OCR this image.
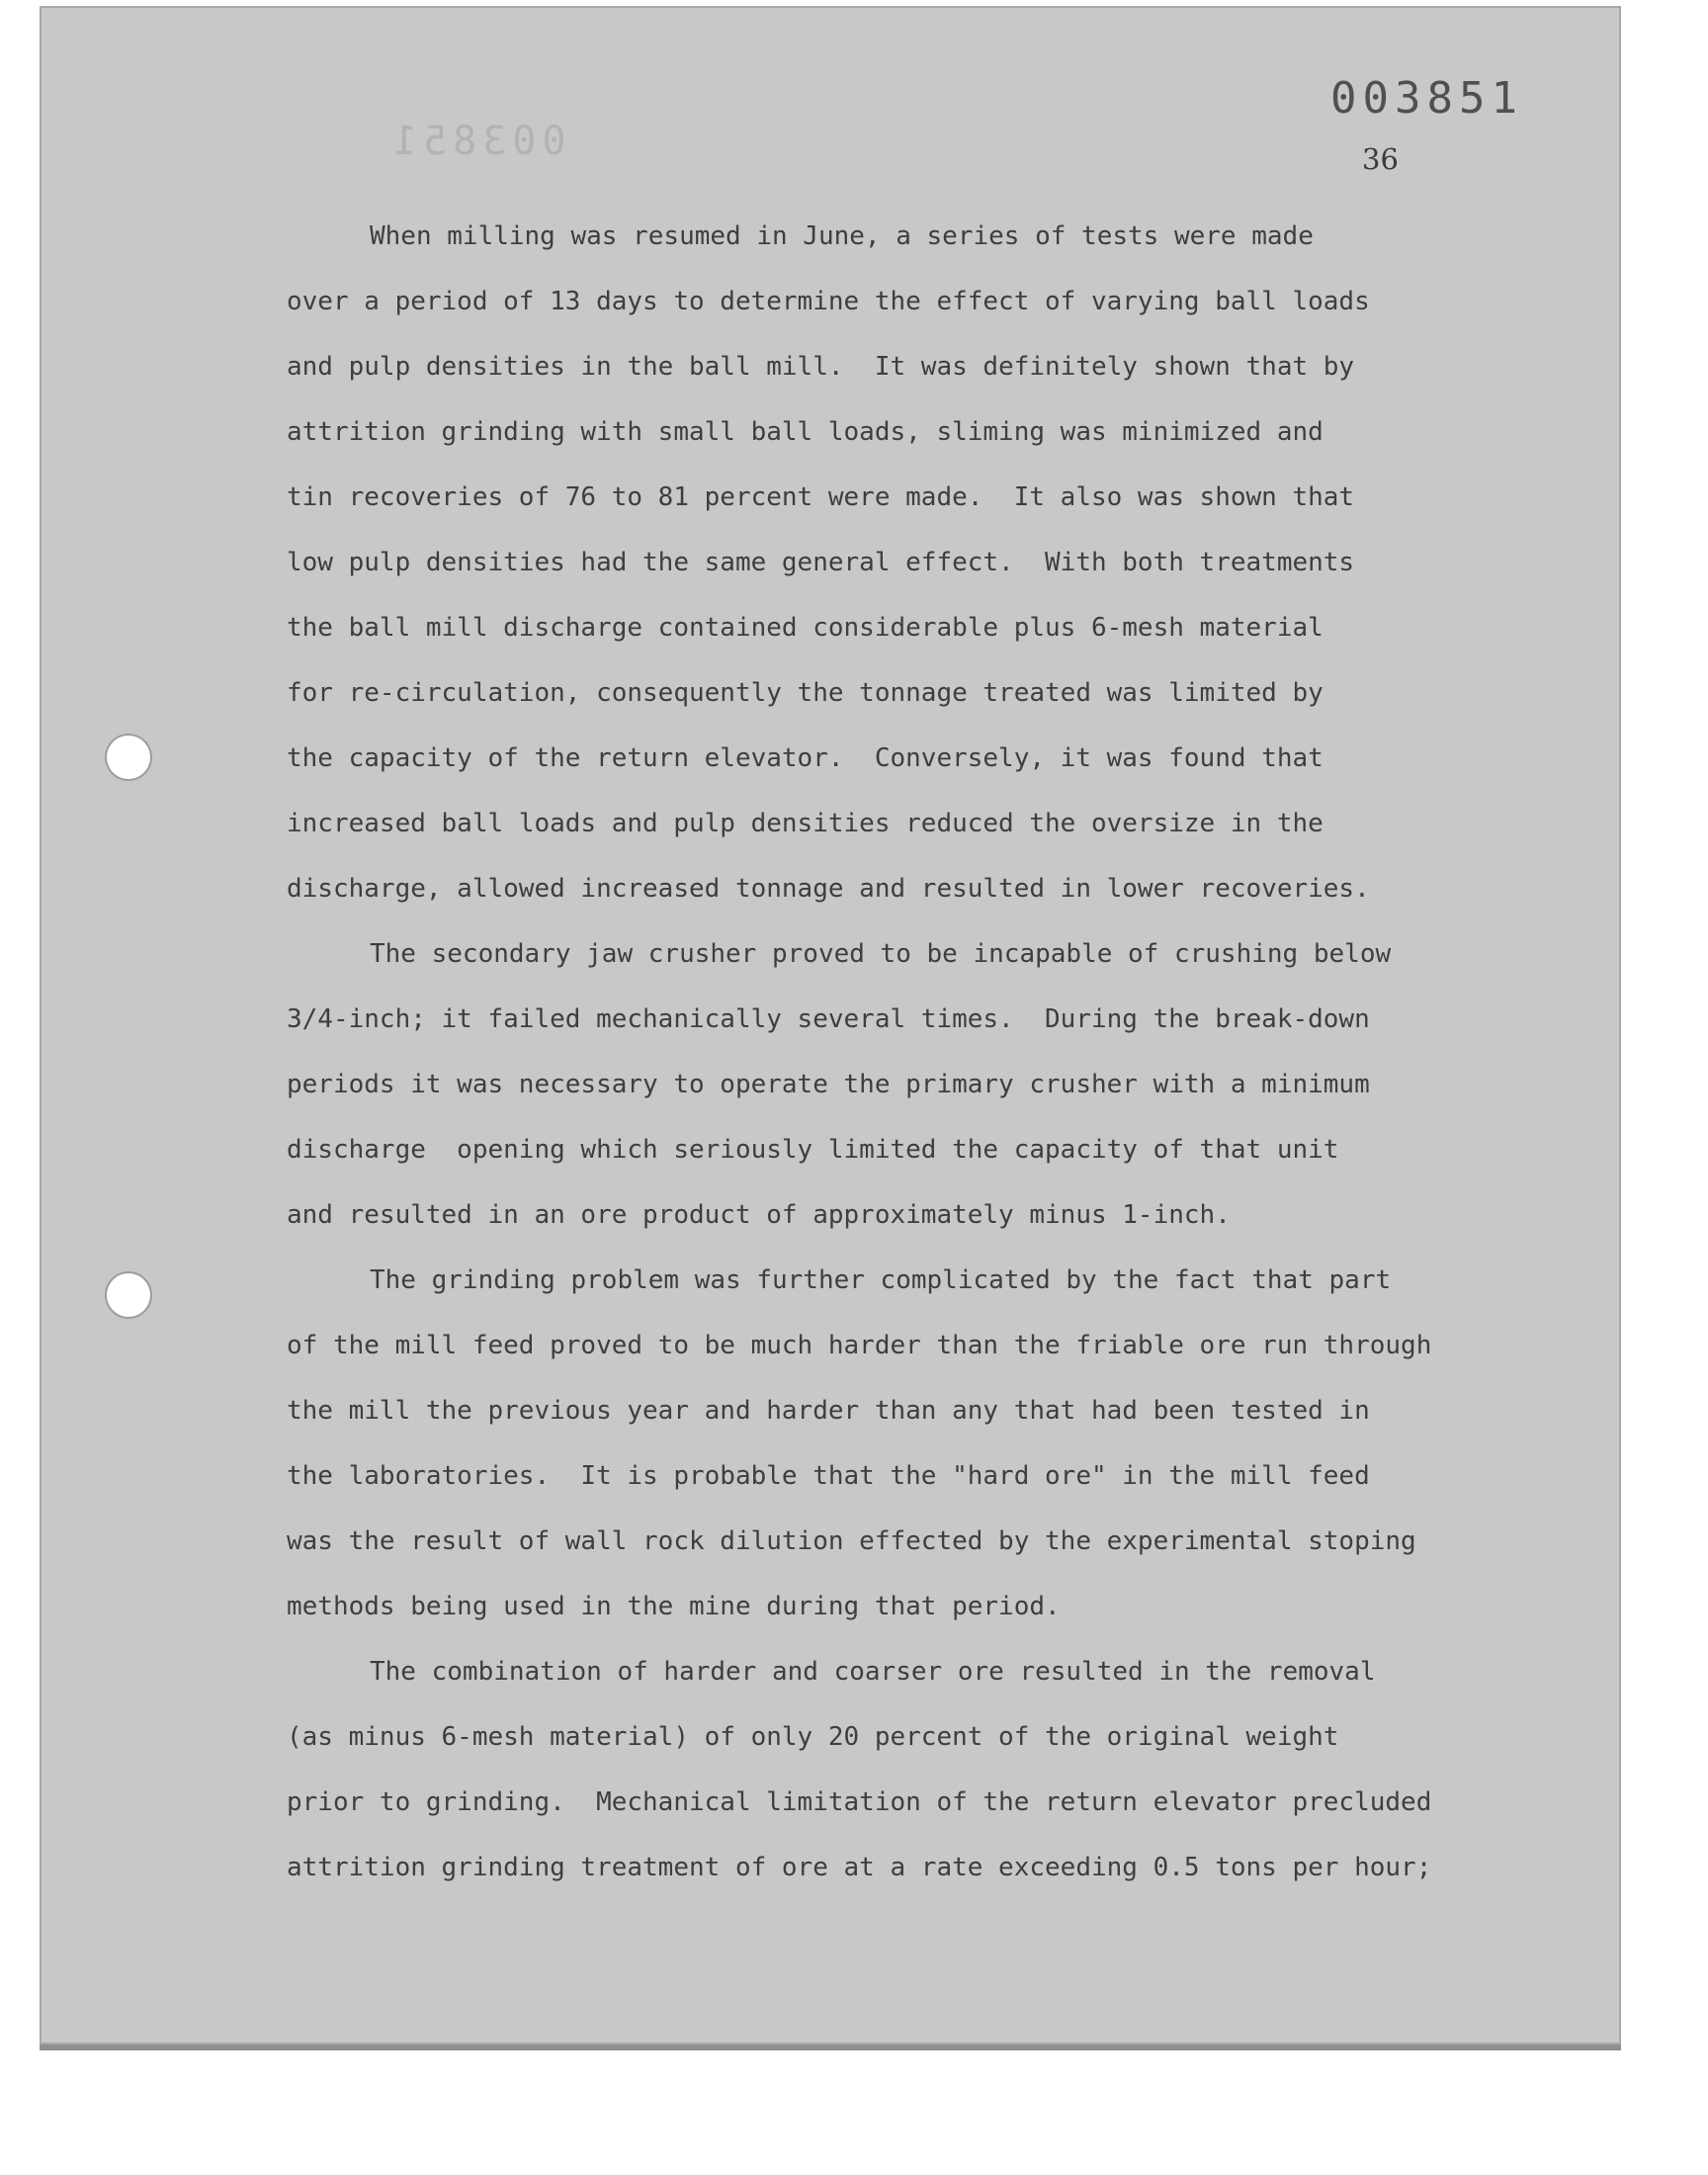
003851
003851
36
When milling was resumed in June, a series of tests were made
over a period of 13 days to determine the effect of varying ball loads
and pulp densities in the ball mill.  It was definitely shown that by
attrition grinding with small ball loads, sliming was minimized and
tin recoveries of 76 to 81 percent were made.  It also was shown that
low pulp densities had the same general effect.  With both treatments
the ball mill discharge contained considerable plus 6-mesh material
for re-circulation, consequently the tonnage treated was limited by
the capacity of the return elevator.  Conversely, it was found that
increased ball loads and pulp densities reduced the oversize in the
discharge, allowed increased tonnage and resulted in lower recoveries.
The secondary jaw crusher proved to be incapable of crushing below
3/4-inch; it failed mechanically several times.  During the break-down
periods it was necessary to operate the primary crusher with a minimum
discharge  opening which seriously limited the capacity of that unit
and resulted in an ore product of approximately minus 1-inch.
The grinding problem was further complicated by the fact that part
of the mill feed proved to be much harder than the friable ore run through
the mill the previous year and harder than any that had been tested in
the laboratories.  It is probable that the "hard ore" in the mill feed
was the result of wall rock dilution effected by the experimental stoping
methods being used in the mine during that period.
The combination of harder and coarser ore resulted in the removal
(as minus 6-mesh material) of only 20 percent of the original weight
prior to grinding.  Mechanical limitation of the return elevator precluded
attrition grinding treatment of ore at a rate exceeding 0.5 tons per hour;
